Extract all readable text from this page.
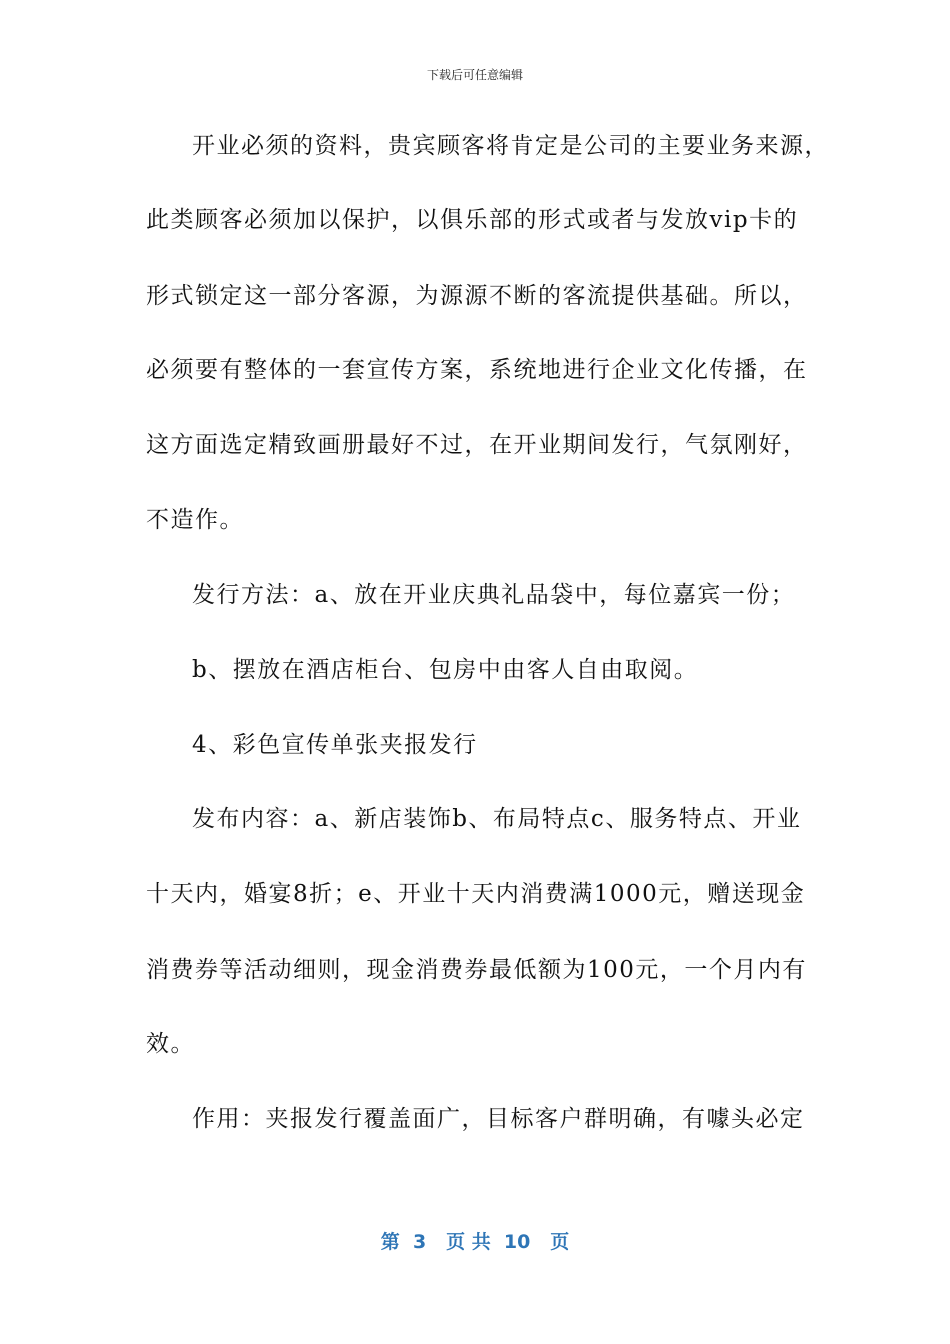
下载后可任意编辑
开业必须的资料，贵宾顾客将肯定是公司的主要业务来源，
此类顾客必须加以保护，以俱乐部的形式或者与发放vip卡的
形式锁定这一部分客源，为源源不断的客流提供基础。所以，
必须要有整体的一套宣传方案，系统地进行企业文化传播，在
这方面选定精致画册最好不过，在开业期间发行，气氛刚好，
不造作。
发行方法：a、放在开业庆典礼品袋中，每位嘉宾一份；
b、摆放在酒店柜台、包房中由客人自由取阅。
4、彩色宣传单张夹报发行
发布内容：a、新店装饰b、布局特点c、服务特点、开业
十天内，婚宴8折；e、开业十天内消费满1000元，赠送现金
消费券等活动细则，现金消费券最低额为100元，一个月内有
效。
作用：夹报发行覆盖面广，目标客户群明确，有噱头必定
第  3   页 共  10   页
